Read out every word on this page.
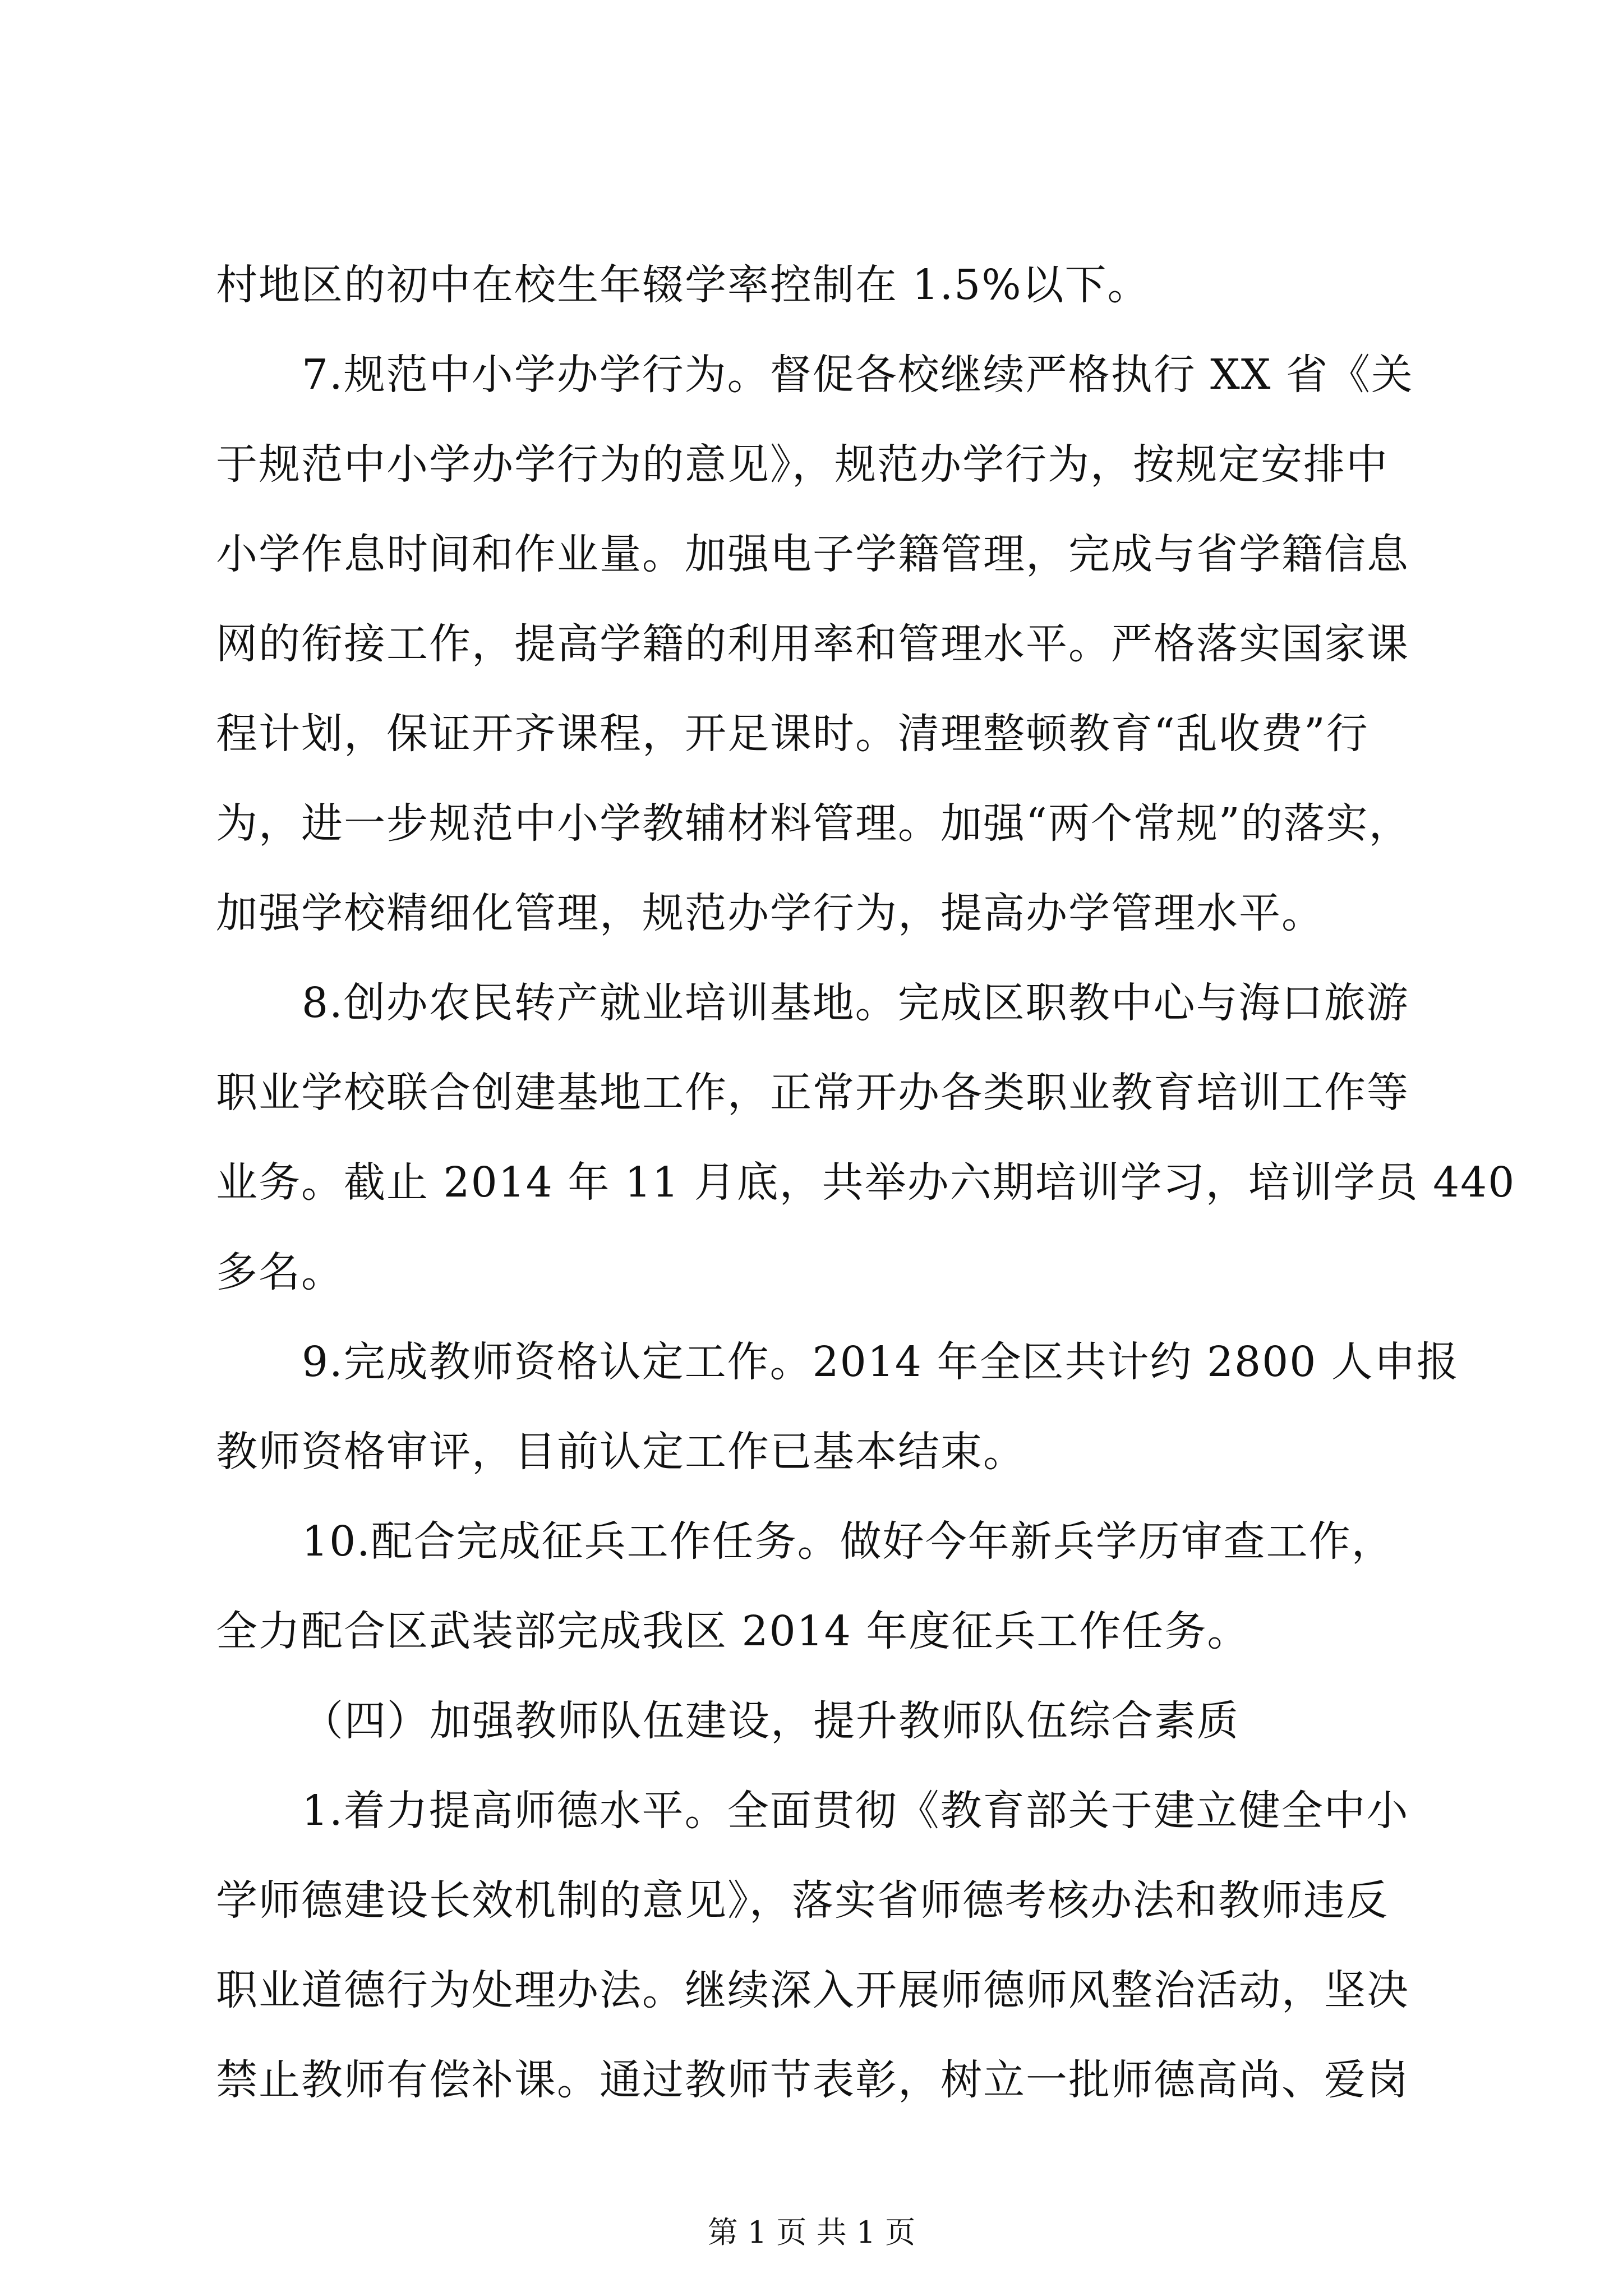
村地区的初中在校生年辍学率控制在 1.5%以下。
7.规范中小学办学行为。督促各校继续严格执行 XX 省《关
于规范中小学办学行为的意见》，规范办学行为，按规定安排中
小学作息时间和作业量。加强电子学籍管理，完成与省学籍信息
网的衔接工作，提高学籍的利用率和管理水平。严格落实国家课
程计划，保证开齐课程，开足课时。清理整顿教育“乱收费”行
为，进一步规范中小学教辅材料管理。加强“两个常规”的落实，
加强学校精细化管理，规范办学行为，提高办学管理水平。
8.创办农民转产就业培训基地。完成区职教中心与海口旅游
职业学校联合创建基地工作，正常开办各类职业教育培训工作等
业务。截止 2014 年 11 月底，共举办六期培训学习，培训学员 440
多名。
9.完成教师资格认定工作。2014 年全区共计约 2800 人申报
教师资格审评，目前认定工作已基本结束。
10.配合完成征兵工作任务。做好今年新兵学历审查工作，
全力配合区武装部完成我区 2014 年度征兵工作任务。
（四）加强教师队伍建设，提升教师队伍综合素质
1.着力提高师德水平。全面贯彻《教育部关于建立健全中小
学师德建设长效机制的意见》，落实省师德考核办法和教师违反
职业道德行为处理办法。继续深入开展师德师风整治活动，坚决
禁止教师有偿补课。通过教师节表彰，树立一批师德高尚、爱岗
第 1 页 共 1 页
